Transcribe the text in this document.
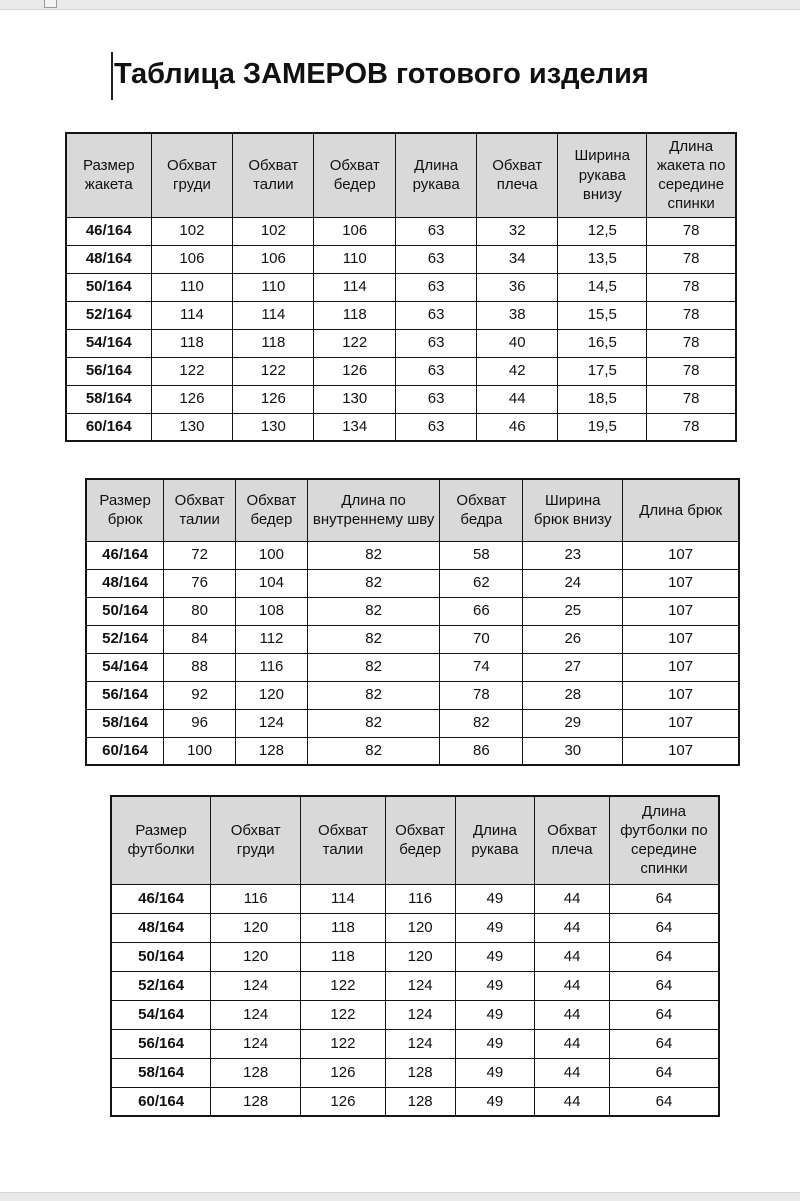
Таблица ЗАМЕРОВ готового изделия
Размер жакета	Обхват груди	Обхват талии	Обхват бедер	Длина рукава	Обхват плеча	Ширина рукава внизу	Длина жакета по середине спинки
46/164	102	102	106	63	32	12,5	78
48/164	106	106	110	63	34	13,5	78
50/164	110	110	114	63	36	14,5	78
52/164	114	114	118	63	38	15,5	78
54/164	118	118	122	63	40	16,5	78
56/164	122	122	126	63	42	17,5	78
58/164	126	126	130	63	44	18,5	78
60/164	130	130	134	63	46	19,5	78
Размер брюк	Обхват талии	Обхват бедер	Длина по внутреннему шву	Обхват бедра	Ширина брюк внизу	Длина брюк
46/164	72	100	82	58	23	107
48/164	76	104	82	62	24	107
50/164	80	108	82	66	25	107
52/164	84	112	82	70	26	107
54/164	88	116	82	74	27	107
56/164	92	120	82	78	28	107
58/164	96	124	82	82	29	107
60/164	100	128	82	86	30	107
Размер футболки	Обхват груди	Обхват талии	Обхват бедер	Длина рукава	Обхват плеча	Длина футболки по середине спинки
46/164	116	114	116	49	44	64
48/164	120	118	120	49	44	64
50/164	120	118	120	49	44	64
52/164	124	122	124	49	44	64
54/164	124	122	124	49	44	64
56/164	124	122	124	49	44	64
58/164	128	126	128	49	44	64
60/164	128	126	128	49	44	64
